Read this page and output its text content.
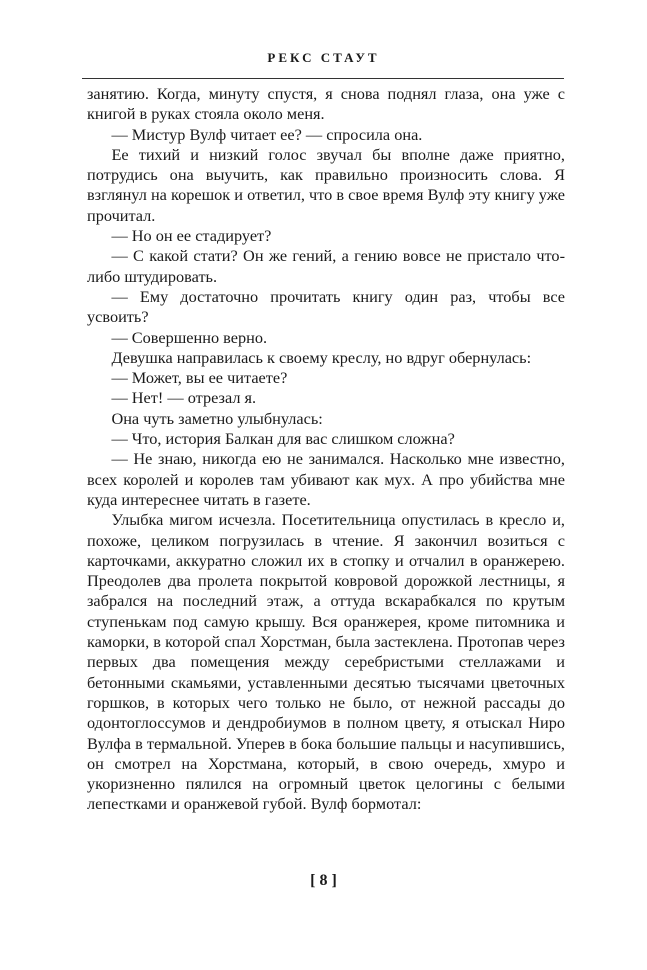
РЕКС СТАУТ

занятию. Когда, минуту спустя, я снова поднял глаза, она уже с книгой в руках стояла около меня.

— Мистур Вулф читает ее? — спросила она.

Ее тихий и низкий голос звучал бы вполне даже приятно, потрудись она выучить, как правильно произносить слова. Я взглянул на корешок и ответил, что в свое время Вулф эту книгу уже прочитал.

— Но он ее стадирует?

— С какой стати? Он же гений, а гению вовсе не пристало что-либо штудировать.

— Ему достаточно прочитать книгу один раз, чтобы все усвоить?

— Совершенно верно.

Девушка направилась к своему креслу, но вдруг обернулась:

— Может, вы ее читаете?

— Нет! — отрезал я.

Она чуть заметно улыбнулась:

— Что, история Балкан для вас слишком сложна?

— Не знаю, никогда ею не занимался. Насколько мне известно, всех королей и королев там убивают как мух. А про убийства мне куда интереснее читать в газете.

Улыбка мигом исчезла. Посетительница опустилась в кресло и, похоже, целиком погрузилась в чтение. Я закончил возиться с карточками, аккуратно сложил их в стопку и отчалил в оранжерею. Преодолев два пролета покрытой ковровой дорожкой лестницы, я забрался на последний этаж, а оттуда вскарабкался по крутым ступенькам под самую крышу. Вся оранжерея, кроме питомника и каморки, в которой спал Хорстман, была застеклена. Протопав через первых два помещения между серебристыми стеллажами и бетонными скамьями, уставленными десятью тысячами цветочных горшков, в которых чего только не было, от нежной рассады до одонтоглоссумов и дендробиумов в полном цвету, я отыскал Ниро Вулфа в термальной. Уперев в бока большие пальцы и насупившись, он смотрел на Хорстмана, который, в свою очередь, хмуро и укоризненно пялился на огромный цветок целогины с белыми лепестками и оранжевой губой. Вулф бормотал:

[ 8 ]
